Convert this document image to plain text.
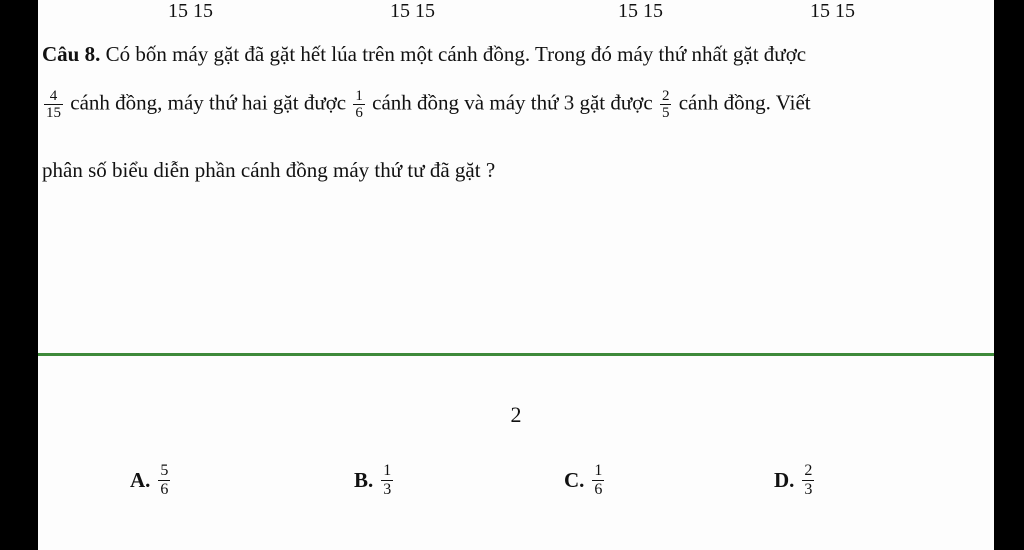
15 15	15 15	15 15	15 15
Câu 8. Có bốn máy gặt đã gặt hết lúa trên một cánh đồng. Trong đó máy thứ nhất gặt được
$\frac{4}{15}$ cánh đồng, máy thứ hai gặt được $\frac{1}{6}$ cánh đồng và máy thứ 3 gặt được $\frac{2}{5}$ cánh đồng. Viết
phân số biểu diễn phần cánh đồng máy thứ tư đã gặt ?
2
A. $\frac{5}{6}$	B. $\frac{1}{3}$	C. $\frac{1}{6}$	D. $\frac{2}{3}$
